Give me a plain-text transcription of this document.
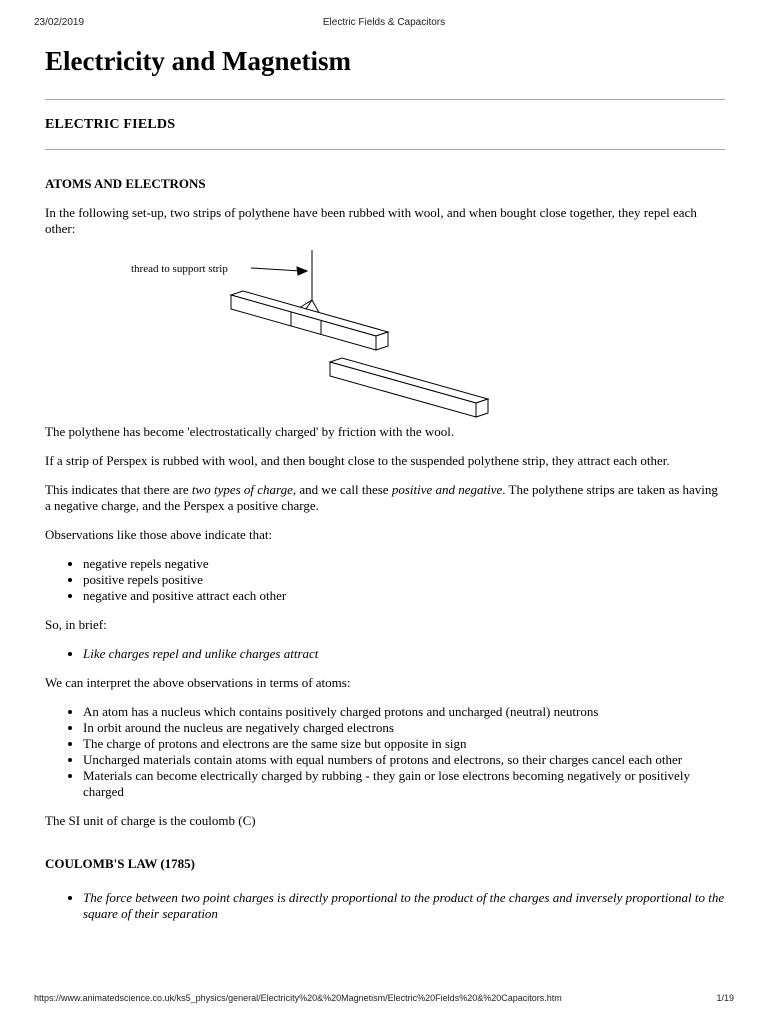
23/02/2019	Electric Fields & Capacitors
Electricity and Magnetism
ELECTRIC FIELDS
ATOMS AND ELECTRONS

In the following set-up, two strips of polythene have been rubbed with wool, and when bought close together, they repel each other:

thread to support strip

The polythene has become 'electrostatically charged' by friction with the wool.

If a strip of Perspex is rubbed with wool, and then bought close to the suspended polythene strip, they attract each other.

This indicates that there are two types of charge, and we call these positive and negative. The polythene strips are taken as having a negative charge, and the Perspex a positive charge.

Observations like those above indicate that:

• negative repels negative
• positive repels positive
• negative and positive attract each other

So, in brief:

• Like charges repel and unlike charges attract

We can interpret the above observations in terms of atoms:

• An atom has a nucleus which contains positively charged protons and uncharged (neutral) neutrons
• In orbit around the nucleus are negatively charged electrons
• The charge of protons and electrons are the same size but opposite in sign
• Uncharged materials contain atoms with equal numbers of protons and electrons, so their charges cancel each other
• Materials can become electrically charged by rubbing - they gain or lose electrons becoming negatively or positively charged

The SI unit of charge is the coulomb (C)

COULOMB'S LAW (1785)
• The force between two point charges is directly proportional to the product of the charges and inversely proportional to the square of their separation
https://www.animatedscience.co.uk/ks5_physics/general/Electricity%20&%20Magnetism/Electric%20Fields%20&%20Capacitors.htm	1/19
